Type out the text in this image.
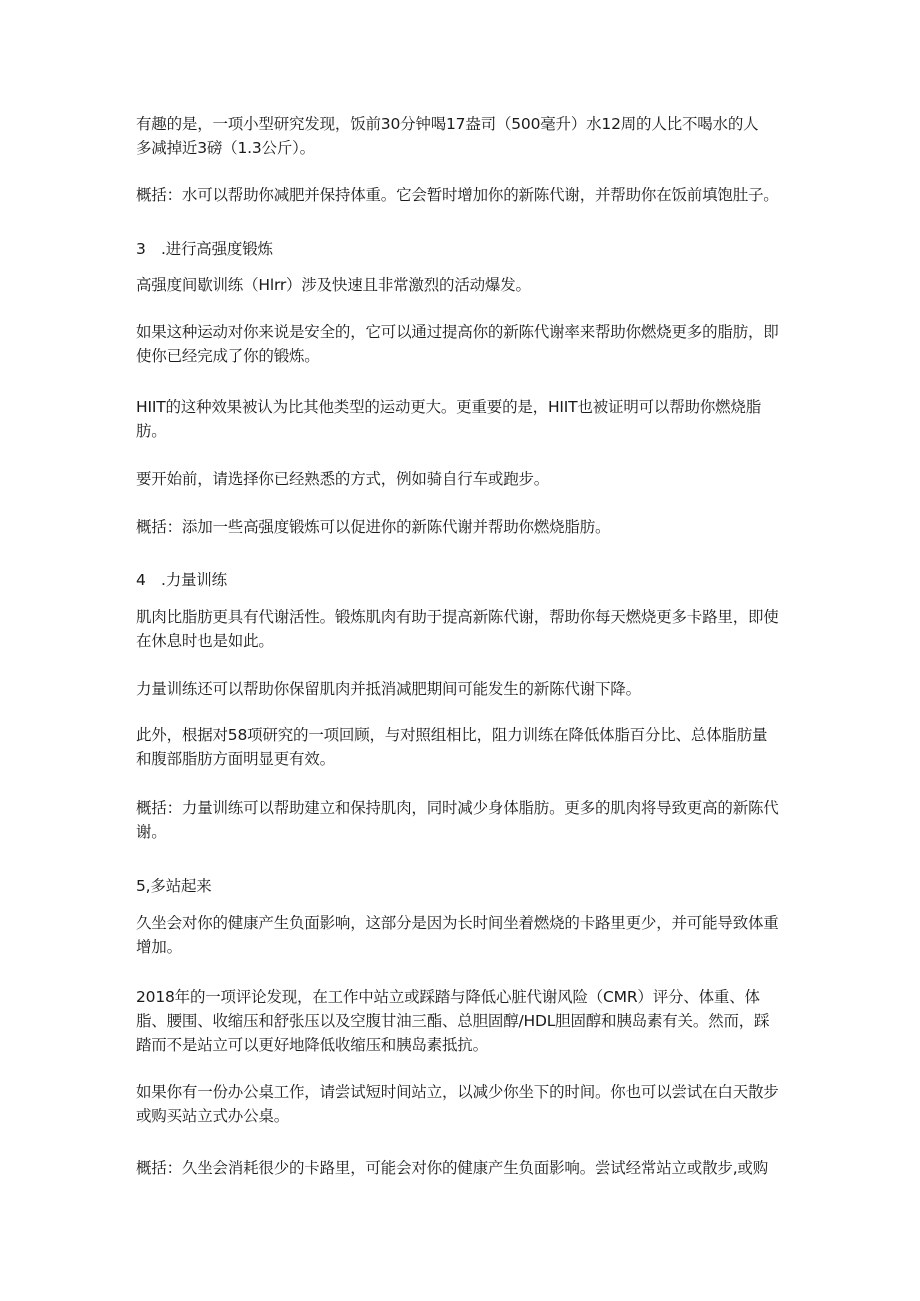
有趣的是，一项小型研究发现，饭前30分钟喝17盎司（500毫升）水12周的人比不喝水的人
多减掉近3磅（1.3公斤）。
概括：水可以帮助你减肥并保持体重。它会暂时增加你的新陈代谢，并帮助你在饭前填饱肚子。
3　.进行高强度锻炼
高强度间歇训练（Hlrr）涉及快速且非常激烈的活动爆发。
如果这种运动对你来说是安全的，它可以通过提高你的新陈代谢率来帮助你燃烧更多的脂肪，即
使你已经完成了你的锻炼。
HIIT的这种效果被认为比其他类型的运动更大。更重要的是，HIIT也被证明可以帮助你燃烧脂
肪。
要开始前，请选择你已经熟悉的方式，例如骑自行车或跑步。
概括：添加一些高强度锻炼可以促进你的新陈代谢并帮助你燃烧脂肪。
4　.力量训练
肌肉比脂肪更具有代谢活性。锻炼肌肉有助于提高新陈代谢，帮助你每天燃烧更多卡路里，即使
在休息时也是如此。
力量训练还可以帮助你保留肌肉并抵消减肥期间可能发生的新陈代谢下降。
此外，根据对58项研究的一项回顾，与对照组相比，阻力训练在降低体脂百分比、总体脂肪量
和腹部脂肪方面明显更有效。
概括：力量训练可以帮助建立和保持肌肉，同时减少身体脂肪。更多的肌肉将导致更高的新陈代
谢。
5,多站起来
久坐会对你的健康产生负面影响，这部分是因为长时间坐着燃烧的卡路里更少，并可能导致体重
增加。
2018年的一项评论发现，在工作中站立或踩踏与降低心脏代谢风险（CMR）评分、体重、体
脂、腰围、收缩压和舒张压以及空腹甘油三酯、总胆固醇/HDL胆固醇和胰岛素有关。然而，踩
踏而不是站立可以更好地降低收缩压和胰岛素抵抗。
如果你有一份办公桌工作，请尝试短时间站立，以减少你坐下的时间。你也可以尝试在白天散步
或购买站立式办公桌。
概括：久坐会消耗很少的卡路里，可能会对你的健康产生负面影响。尝试经常站立或散步,或购
